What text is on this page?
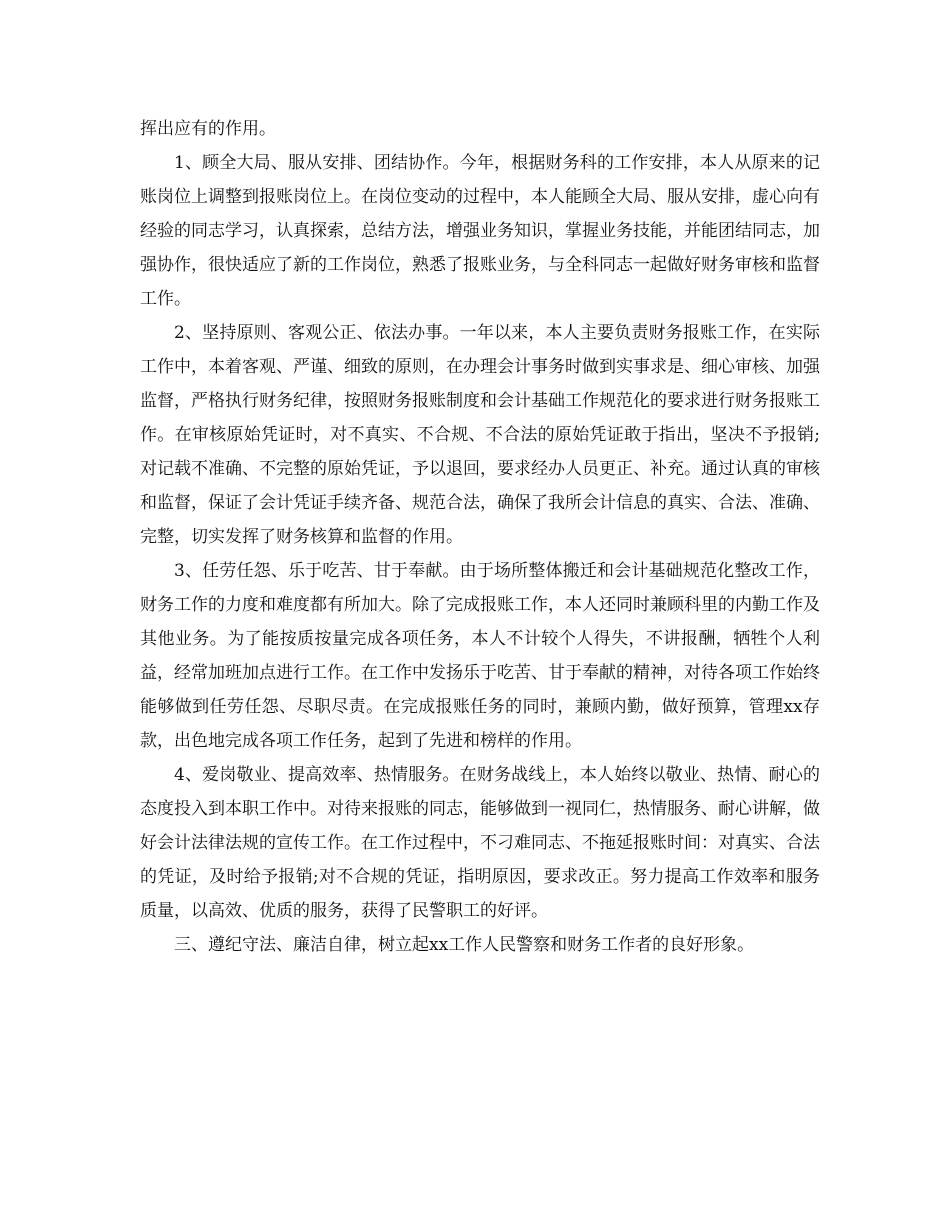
挥出应有的作用。

1、顾全大局、服从安排、团结协作。今年，根据财务科的工作安排，本人从原来的记账岗位上调整到报账岗位上。在岗位变动的过程中，本人能顾全大局、服从安排，虚心向有经验的同志学习，认真探索，总结方法，增强业务知识，掌握业务技能，并能团结同志，加强协作，很快适应了新的工作岗位，熟悉了报账业务，与全科同志一起做好财务审核和监督工作。

2、坚持原则、客观公正、依法办事。一年以来，本人主要负责财务报账工作，在实际工作中，本着客观、严谨、细致的原则，在办理会计事务时做到实事求是、细心审核、加强监督，严格执行财务纪律，按照财务报账制度和会计基础工作规范化的要求进行财务报账工作。在审核原始凭证时，对不真实、不合规、不合法的原始凭证敢于指出，坚决不予报销;对记载不准确、不完整的原始凭证，予以退回，要求经办人员更正、补充。通过认真的审核和监督，保证了会计凭证手续齐备、规范合法，确保了我所会计信息的真实、合法、准确、完整，切实发挥了财务核算和监督的作用。

3、任劳任怨、乐于吃苦、甘于奉献。由于场所整体搬迁和会计基础规范化整改工作，财务工作的力度和难度都有所加大。除了完成报账工作，本人还同时兼顾科里的内勤工作及其他业务。为了能按质按量完成各项任务，本人不计较个人得失，不讲报酬，牺牲个人利益，经常加班加点进行工作。在工作中发扬乐于吃苦、甘于奉献的精神，对待各项工作始终能够做到任劳任怨、尽职尽责。在完成报账任务的同时，兼顾内勤，做好预算，管理xx存款，出色地完成各项工作任务，起到了先进和榜样的作用。

4、爱岗敬业、提高效率、热情服务。在财务战线上，本人始终以敬业、热情、耐心的态度投入到本职工作中。对待来报账的同志，能够做到一视同仁，热情服务、耐心讲解，做好会计法律法规的宣传工作。在工作过程中，不刁难同志、不拖延报账时间：对真实、合法的凭证，及时给予报销;对不合规的凭证，指明原因，要求改正。努力提高工作效率和服务质量，以高效、优质的服务，获得了民警职工的好评。

三、遵纪守法、廉洁自律，树立起xx工作人民警察和财务工作者的良好形象。
